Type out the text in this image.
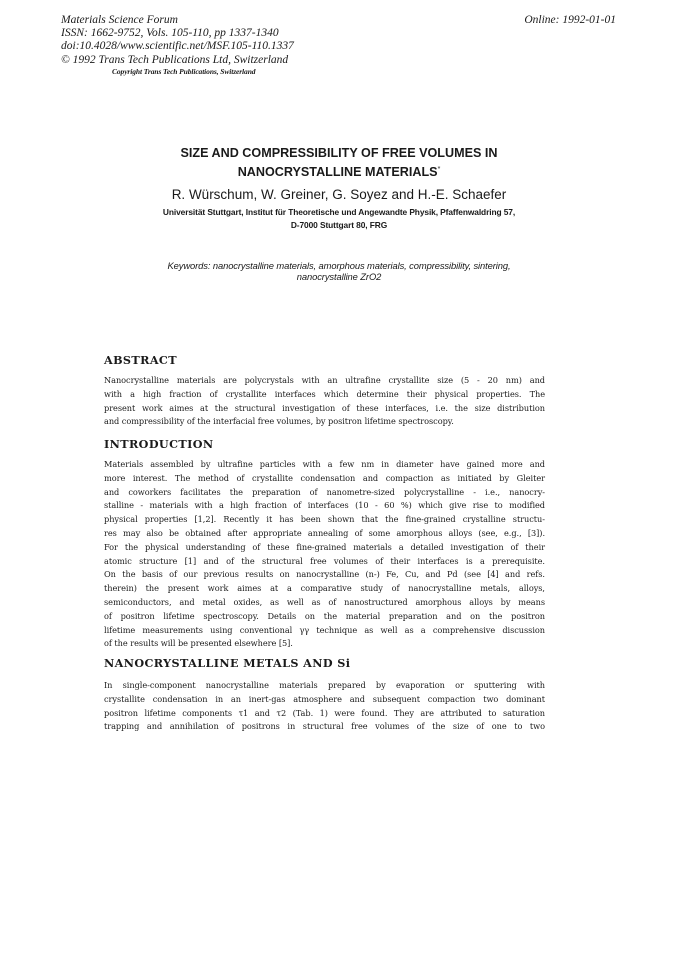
Materials Science Forum
ISSN: 1662-9752, Vols. 105-110, pp 1337-1340
doi:10.4028/www.scientific.net/MSF.105-110.1337
© 1992 Trans Tech Publications Ltd, Switzerland
Online: 1992-01-01
Copyright Trans Tech Publications, Switzerland
SIZE AND COMPRESSIBILITY OF FREE VOLUMES IN
NANOCRYSTALLINE MATERIALS*
R. Würschum, W. Greiner, G. Soyez and H.-E. Schaefer
Universität Stuttgart, Institut für Theoretische und Angewandte Physik, Pfaffenwaldring 57,
D-7000 Stuttgart 80, FRG
Keywords: nanocrystalline materials, amorphous materials, compressibility, sintering,
nanocrystalline ZrO2
ABSTRACT
Nanocrystalline materials are polycrystals with an ultrafine crystallite size (5 - 20 nm) and
with a high fraction of crystallite interfaces which determine their physical properties. The
present work aimes at the structural investigation of these interfaces, i.e. the size distribution
and compressibility of the interfacial free volumes, by positron lifetime spectroscopy.
INTRODUCTION
Materials assembled by ultrafine particles with a few nm in diameter have gained more and
more interest. The method of crystallite condensation and compaction as initiated by Gleiter
and coworkers facilitates the preparation of nanometre-sized polycrystalline - i.e., nanocry-
stalline - materials with a high fraction of interfaces (10 - 60 %) which give rise to modified
physical properties [1,2]. Recently it has been shown that the fine-grained crystalline structu-
res may also be obtained after appropriate annealing of some amorphous alloys (see, e.g., [3]).
For the physical understanding of these fine-grained materials a detailed investigation of their
atomic structure [1] and of the structural free volumes of their interfaces is a prerequisite.
On the basis of our previous results on nanocrystalline (n-) Fe, Cu, and Pd (see [4] and refs.
therein) the present work aimes at a comparative study of nanocrystalline metals, alloys,
semiconductors, and metal oxides, as well as of nanostructured amorphous alloys by means
of positron lifetime spectroscopy. Details on the material preparation and on the positron
lifetime measurements using conventional γγ technique as well as a comprehensive discussion
of the results will be presented elsewhere [5].
NANOCRYSTALLINE METALS AND Si
In single-component nanocrystalline materials prepared by evaporation or sputtering with
crystallite condensation in an inert-gas atmosphere and subsequent compaction two dominant
positron lifetime components τ1 and τ2 (Tab. 1) were found. They are attributed to saturation
trapping and annihilation of positrons in structural free volumes of the size of one to two
